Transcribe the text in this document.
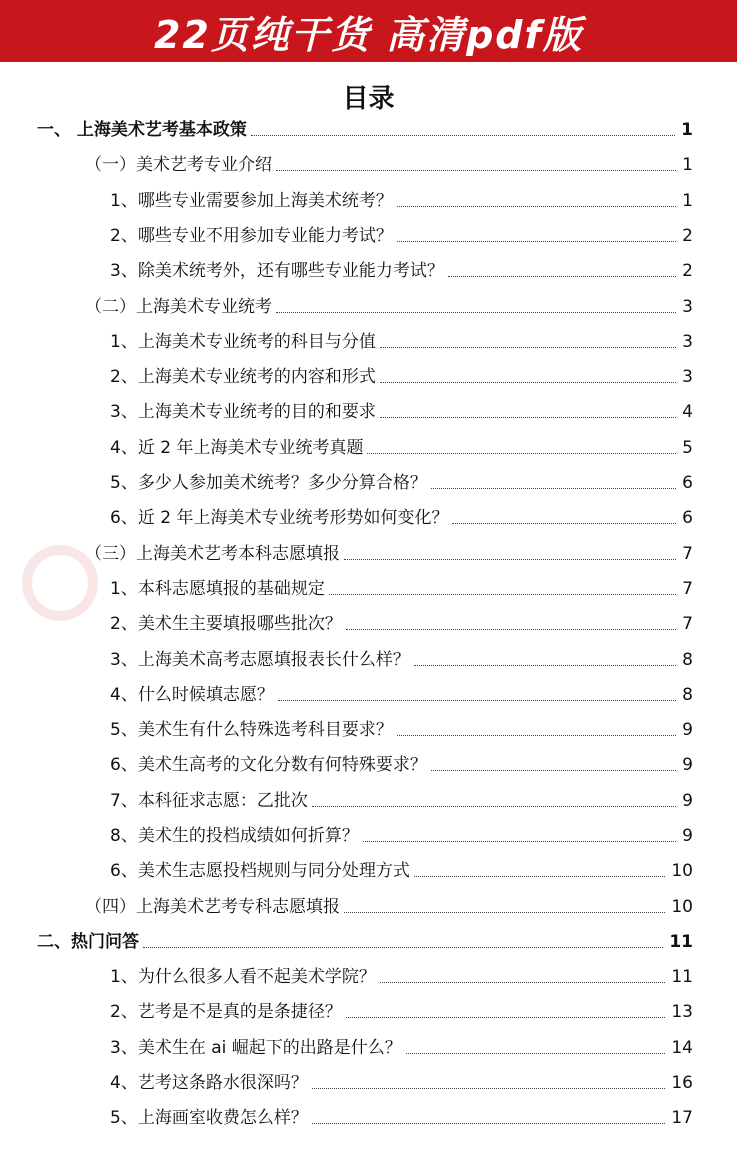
22页纯干货 高清pdf版
目录
一、 上海美术艺考基本政策	1
（一）美术艺考专业介绍	1
1、哪些专业需要参加上海美术统考？	1
2、哪些专业不用参加专业能力考试？	2
3、除美术统考外，还有哪些专业能力考试？	2
（二）上海美术专业统考	3
1、上海美术专业统考的科目与分值	3
2、上海美术专业统考的内容和形式	3
3、上海美术专业统考的目的和要求	4
4、近 2 年上海美术专业统考真题	5
5、多少人参加美术统考？多少分算合格？	6
6、近 2 年上海美术专业统考形势如何变化？	6
（三）上海美术艺考本科志愿填报	7
1、本科志愿填报的基础规定	7
2、美术生主要填报哪些批次？	7
3、上海美术高考志愿填报表长什么样？	8
4、什么时候填志愿？	8
5、美术生有什么特殊选考科目要求？	9
6、美术生高考的文化分数有何特殊要求？	9
7、本科征求志愿：乙批次	9
8、美术生的投档成绩如何折算？	9
6、美术生志愿投档规则与同分处理方式	10
（四）上海美术艺考专科志愿填报	10
二、热门问答	11
1、为什么很多人看不起美术学院？	11
2、艺考是不是真的是条捷径？	13
3、美术生在 ai 崛起下的出路是什么？	14
4、艺考这条路水很深吗？	16
5、上海画室收费怎么样？	17
